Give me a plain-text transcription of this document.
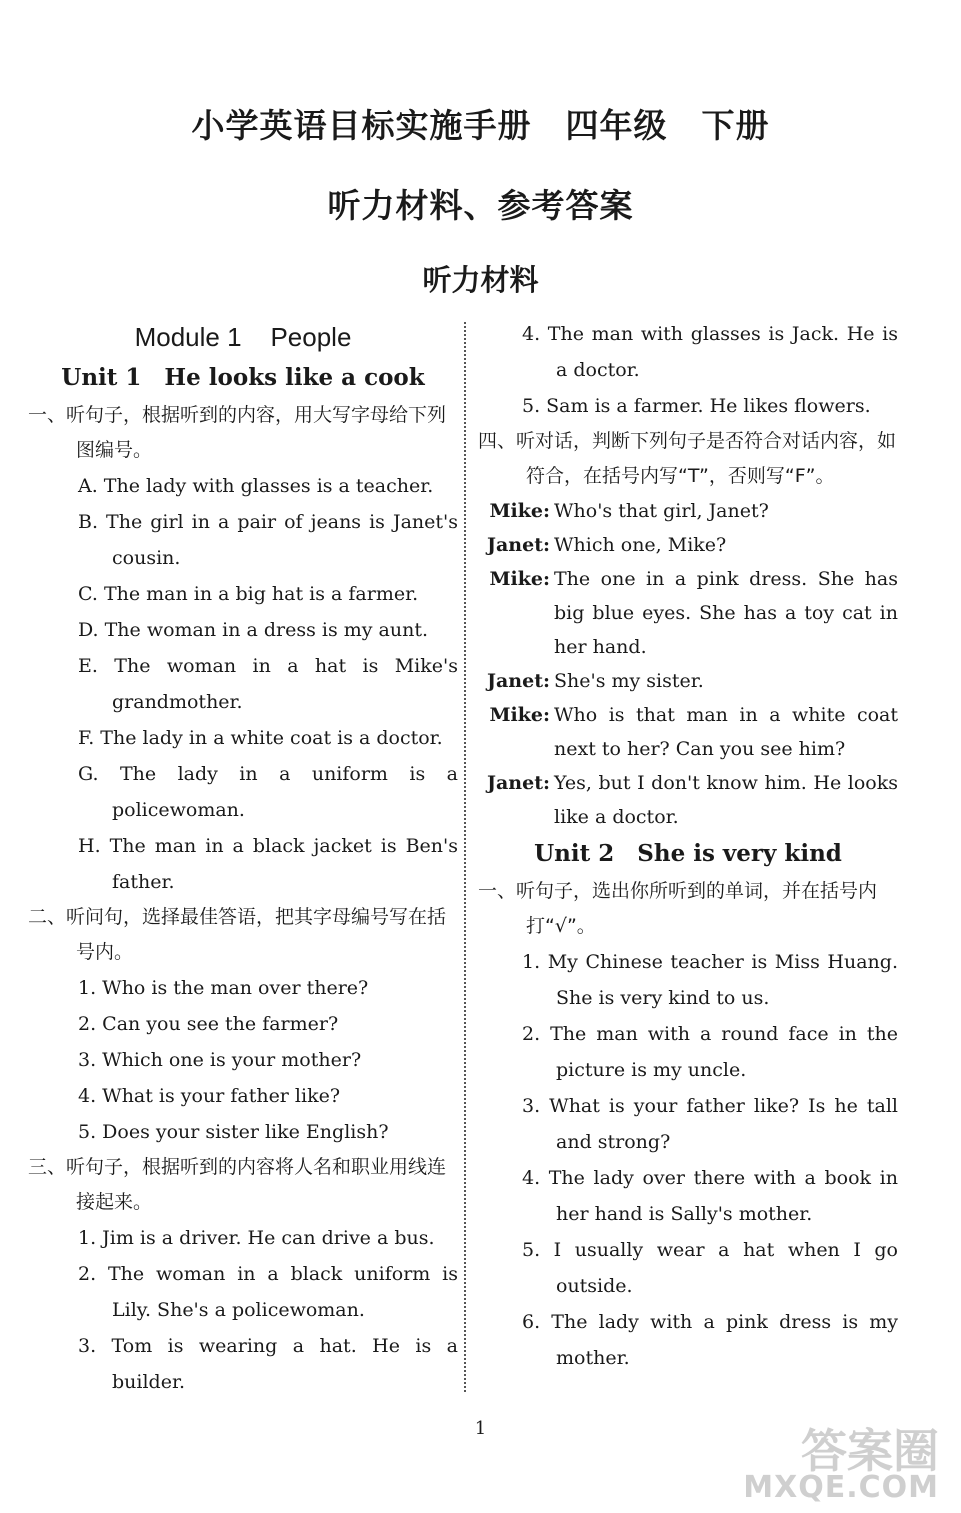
小学英语目标实施手册　四年级　下册
听力材料、参考答案
听力材料
Module 1    People
Unit 1　He looks like a cook
一、听句子，根据听到的内容，用大写字母给下列图编号。
A. The lady with glasses is a teacher.
B. The girl in a pair of jeans is Janet's cousin.
C. The man in a big hat is a farmer.
D. The woman in a dress is my aunt.
E. The woman in a hat is Mike's grandmother.
F. The lady in a white coat is a doctor.
G. The lady in a uniform is a policewoman.
H. The man in a black jacket is Ben's father.
二、听问句，选择最佳答语，把其字母编号写在括号内。
1. Who is the man over there?
2. Can you see the farmer?
3. Which one is your mother?
4. What is your father like?
5. Does your sister like English?
三、听句子，根据听到的内容将人名和职业用线连接起来。
1. Jim is a driver. He can drive a bus.
2. The woman in a black uniform is Lily. She's a policewoman.
3. Tom is wearing a hat. He is a builder.
4. The man with glasses is Jack. He is a doctor.
5. Sam is a farmer. He likes flowers.
四、听对话，判断下列句子是否符合对话内容，如符合，在括号内写“T”，否则写“F”。
Mike: Who's that girl, Janet?
Janet: Which one, Mike?
Mike: The one in a pink dress. She has big blue eyes. She has a toy cat in her hand.
Janet: She's my sister.
Mike: Who is that man in a white coat next to her? Can you see him?
Janet: Yes, but I don't know him. He looks like a doctor.
Unit 2　She is very kind
一、听句子，选出你所听到的单词，并在括号内打“√”。
1. My Chinese teacher is Miss Huang. She is very kind to us.
2. The man with a round face in the picture is my uncle.
3. What is your father like? Is he tall and strong?
4. The lady over there with a book in her hand is Sally's mother.
5. I usually wear a hat when I go outside.
6. The lady with a pink dress is my mother.
1	答案圈
MXQE.COM
